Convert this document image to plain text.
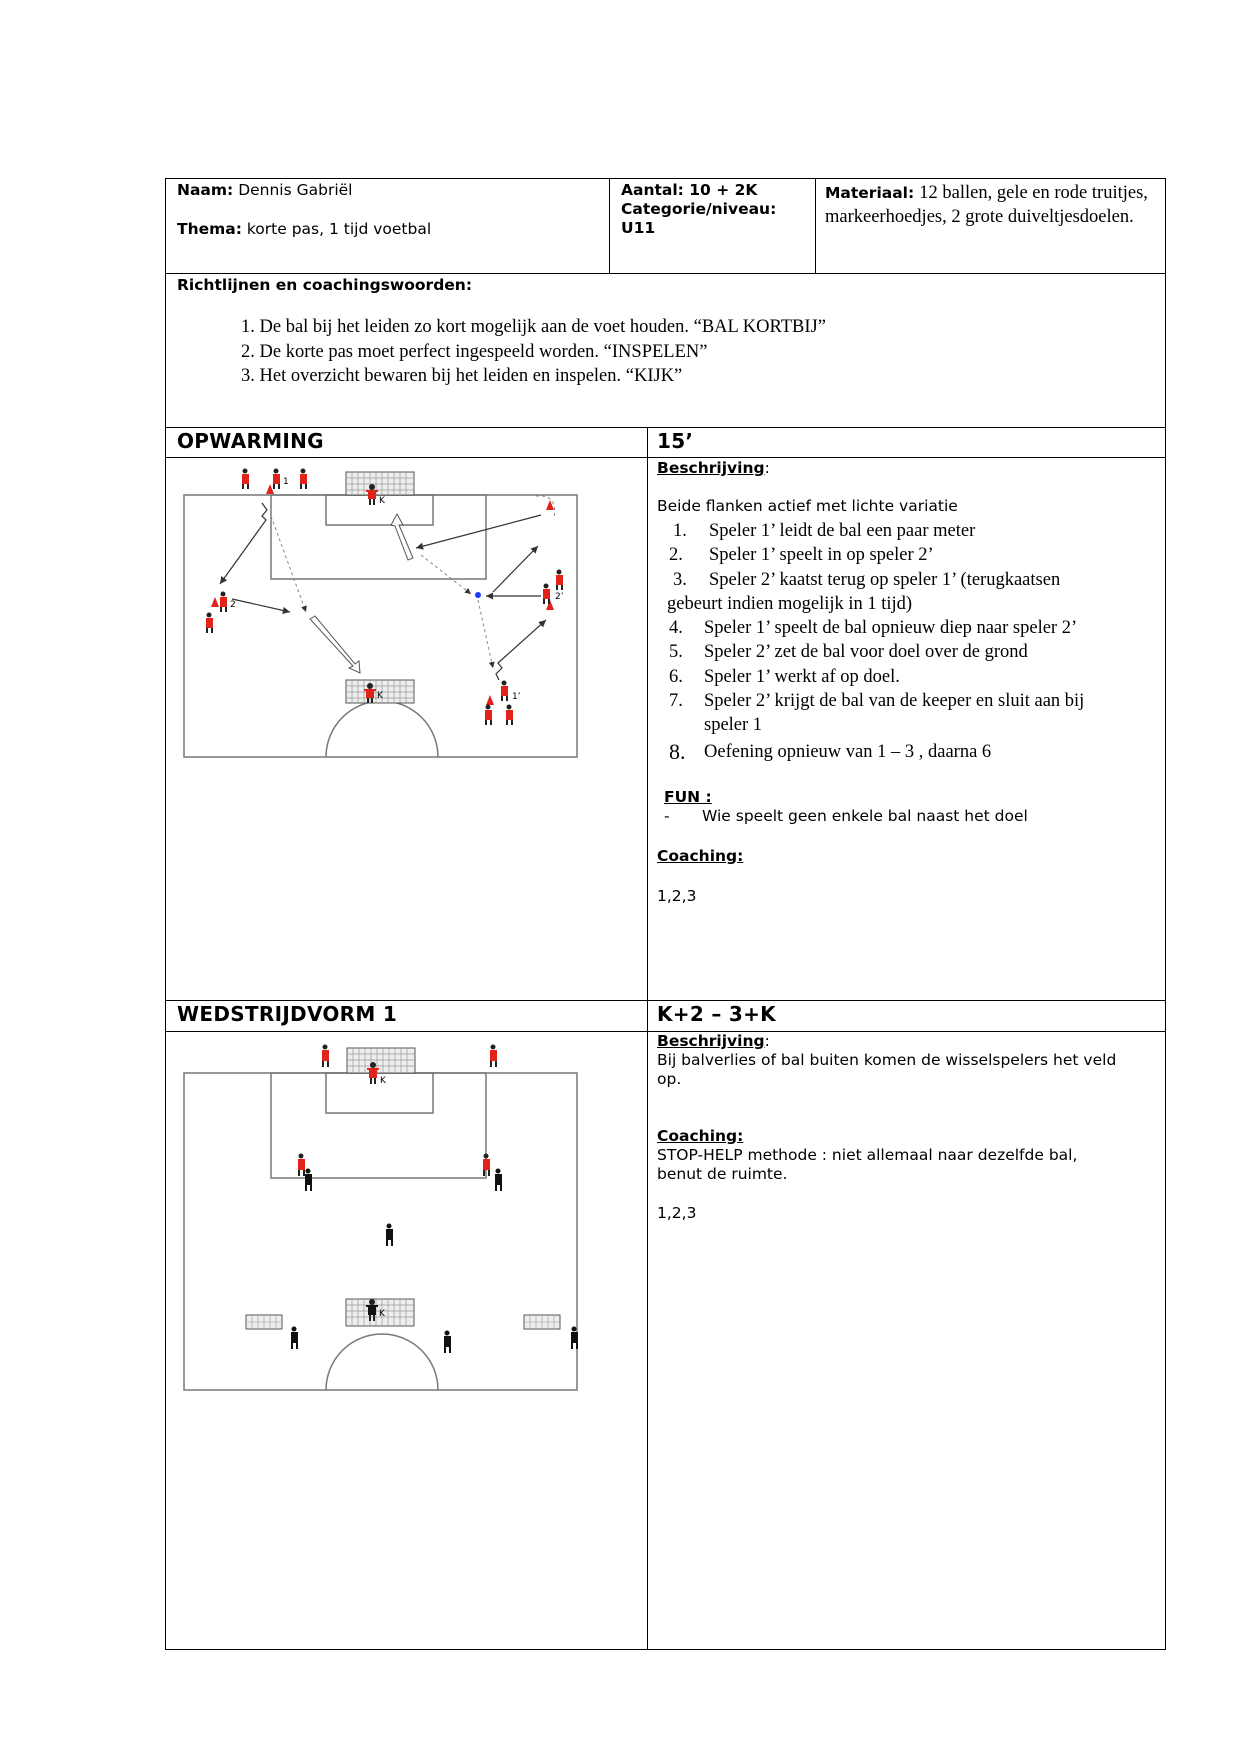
Naam: Dennis Gabriël
Thema: korte pas, 1 tijd voetbal
Aantal: 10 + 2K
Categorie/niveau:
U11
Materiaal: 12 ballen, gele en rode truitjes, markeerhoedjes, 2 grote duiveltjesdoelen.
Richtlijnen en coachingswoorden:
1. De bal bij het leiden zo kort mogelijk aan de voet houden. “BAL KORTBIJ”
2. De korte pas moet perfect ingespeeld worden. “INSPELEN”
3. Het overzicht bewaren bij het leiden en inspelen. “KIJK”
OPWARMING	15’
Beschrijving:
Beide flanken actief met lichte variatie
1. Speler 1’ leidt de bal een paar meter
2. Speler 1’ speelt in op speler 2’
3. Speler 2’ kaatst terug op speler 1’ (terugkaatsen
gebeurt indien mogelijk in 1 tijd)
4. Speler 1’ speelt de bal opnieuw diep naar speler 2’
5. Speler 2’ zet de bal voor doel over de grond
6. Speler 1’ werkt af op doel.
7. Speler 2’ krijgt de bal van de keeper en sluit aan bij
speler 1
8. Oefening opnieuw van 1 – 3 , daarna 6
FUN :
- Wie speelt geen enkele bal naast het doel
Coaching:
1,2,3
K
K
1
2
2’
1’
WEDSTRIJDVORM 1	K+2 – 3+K
Beschrijving:
Bij balverlies of bal buiten komen de wisselspelers het veld op.
Coaching:
STOP-HELP methode : niet allemaal naar dezelfde bal, benut de ruimte.
1,2,3
K
K
